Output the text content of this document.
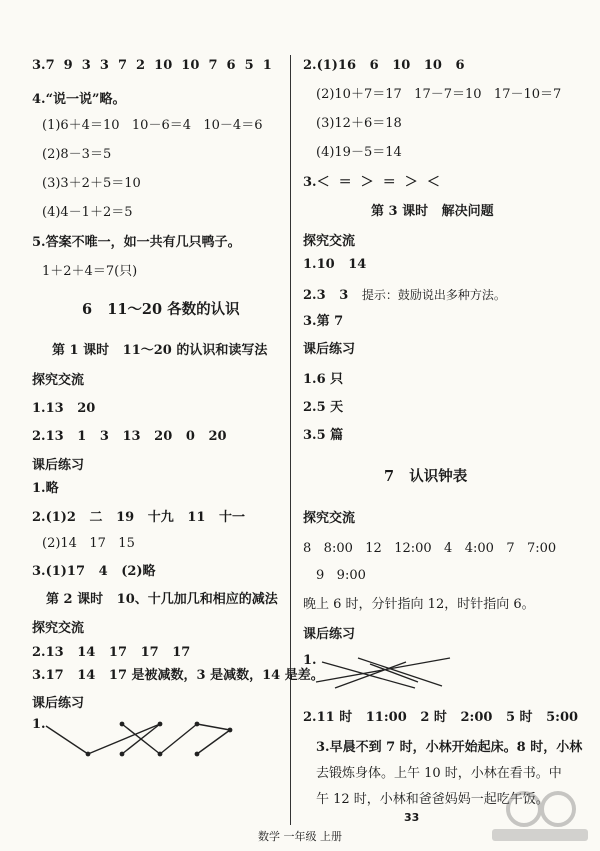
3.7  9  3  3  7  2  10  10  7  6  5  1
4.“说一说”略。
(1)6＋4＝10   10－6＝4   10－4＝6
(2)8－3＝5
(3)3＋2＋5＝10
(4)4－1＋2＝5
5.答案不唯一，如一共有几只鸭子。
1＋2＋4＝7(只)
6   11～20 各数的认识
第 1 课时   11～20 的认识和读写法
探究交流
1.13   20
2.13   1   3   13   20   0   20
课后练习
1.略
2.(1)2   二   19   十九   11   十一
(2)14   17   15
3.(1)17   4   (2)略
第 2 课时   10、十几加几和相应的减法
探究交流
2.13   14   17   17   17
3.17   14   17 是被减数，3 是减数，14 是差。
课后练习
1.
2.(1)16   6   10   10   6
(2)10＋7＝17   17－7＝10   17－10＝7
(3)12＋6＝18
(4)19－5＝14
3.＜  ＝  ＞  ＝  ＞  ＜
第 3 课时   解决问题
探究交流
1.10   14
2.3   3   提示：鼓励说出多种方法。
3.第 7
课后练习
1.6 只
2.5 天
3.5 篇
7   认识钟表
探究交流
8   8:00   12   12:00   4   4:00   7   7:00
9   9:00
晚上 6 时，分针指向 12，时针指向 6。
课后练习
1.
2.11 时   11:00   2 时   2:00   5 时   5:00
3.早晨不到 7 时，小林开始起床。8 时，小林
去锻炼身体。上午 10 时，小林在看书。中
午 12 时，小林和爸爸妈妈一起吃午饭。
33
数学 一年级 上册
